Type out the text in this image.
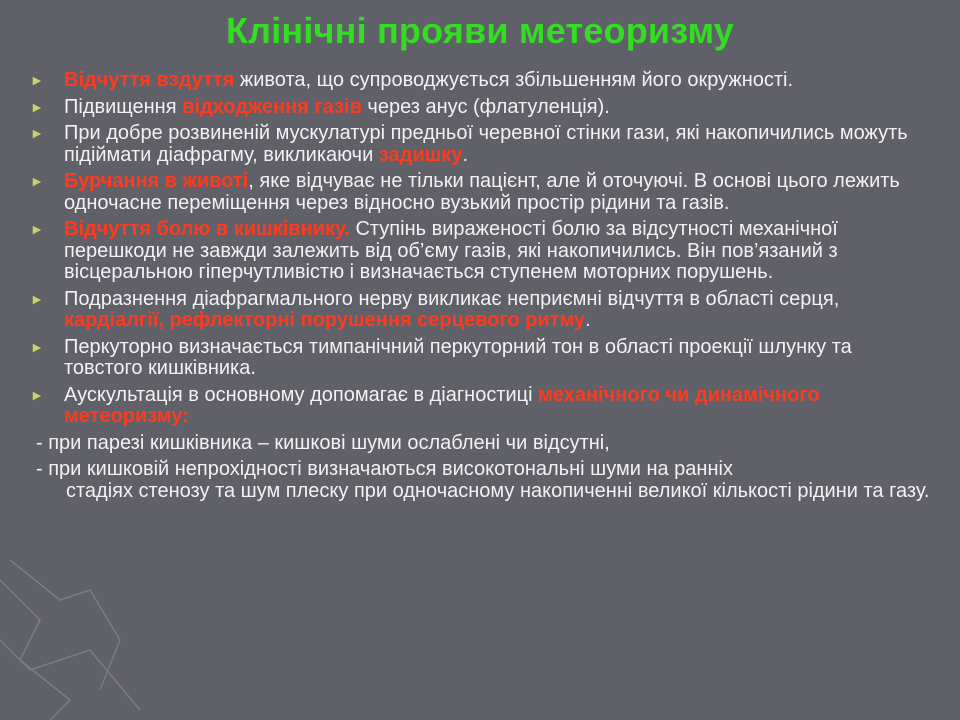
Клінічні прояви метеоризму
► Відчуття вздуття живота, що супроводжується збільшенням його окружності.
► Підвищення відходження газів через анус (флатуленція).
► При добре розвиненій мускулатурі предньої черевної стінки гази, які накопичились можуть підіймати діафрагму, викликаючи задишку.
► Бурчання в животі, яке відчуває не тільки пацієнт, але й оточуючі. В основі цього лежить одночасне переміщення через відносно вузький простір рідини та газів.
► Відчуття болю в кишківнику. Ступінь вираженості болю за відсутності механічної перешкоди не завжди залежить від об’єму газів, які накопичились. Він пов’язаний з вісцеральною гіперчутливістю і визначається ступенем моторних порушень.
► Подразнення діафрагмального нерву викликає неприємні відчуття в області серця, кардіалгії, рефлекторні порушення серцевого ритму.
► Перкуторно визначається тимпанічний перкуторний тон в області проекції шлунку та товстого кишківника.
► Аускультація в основному допомагає в діагностиці механічного чи динамічного метеоризму:
- при парезі кишківника – кишкові шуми ослаблені чи відсутні,
- при кишковій непрохідності визначаються високотональні шуми на ранніх
стадіях стенозу та шум плеску при одночасному накопиченні великої кількості рідини та газу.
